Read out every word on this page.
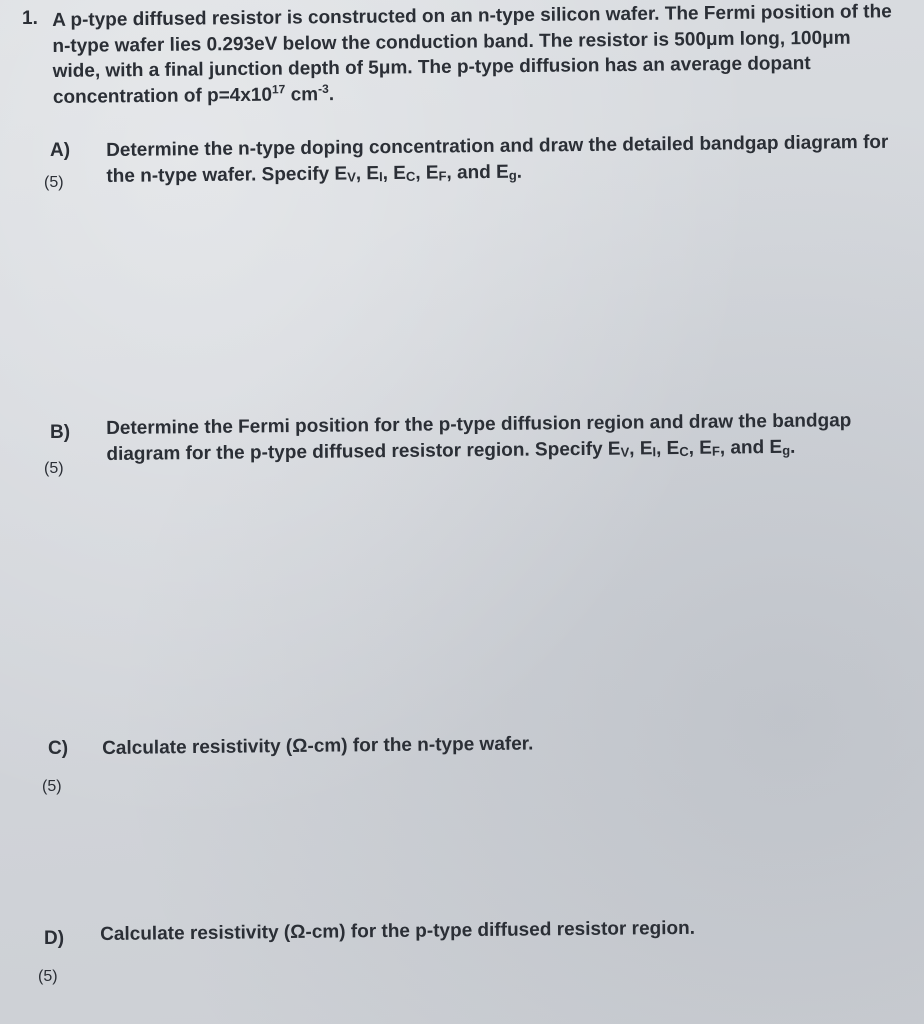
1. A p-type diffused resistor is constructed on an n-type silicon wafer. The Fermi position of the n-type wafer lies 0.293eV below the conduction band. The resistor is 500μm long, 100μm wide, with a final junction depth of 5μm. The p-type diffusion has an average dopant concentration of $p=4x10^{17}$ $cm^{-3}$.
A)
(5)
Determine the n-type doping concentration and draw the detailed bandgap diagram for the n-type wafer. Specify EV, EI, EC, EF, and Eg.
B)
(5)
Determine the Fermi position for the p-type diffusion region and draw the bandgap diagram for the p-type diffused resistor region. Specify EV, EI, EC, EF, and Eg.
C)
(5)
Calculate resistivity (Ω-cm) for the n-type wafer.
D)
(5)
Calculate resistivity (Ω-cm) for the p-type diffused resistor region.
